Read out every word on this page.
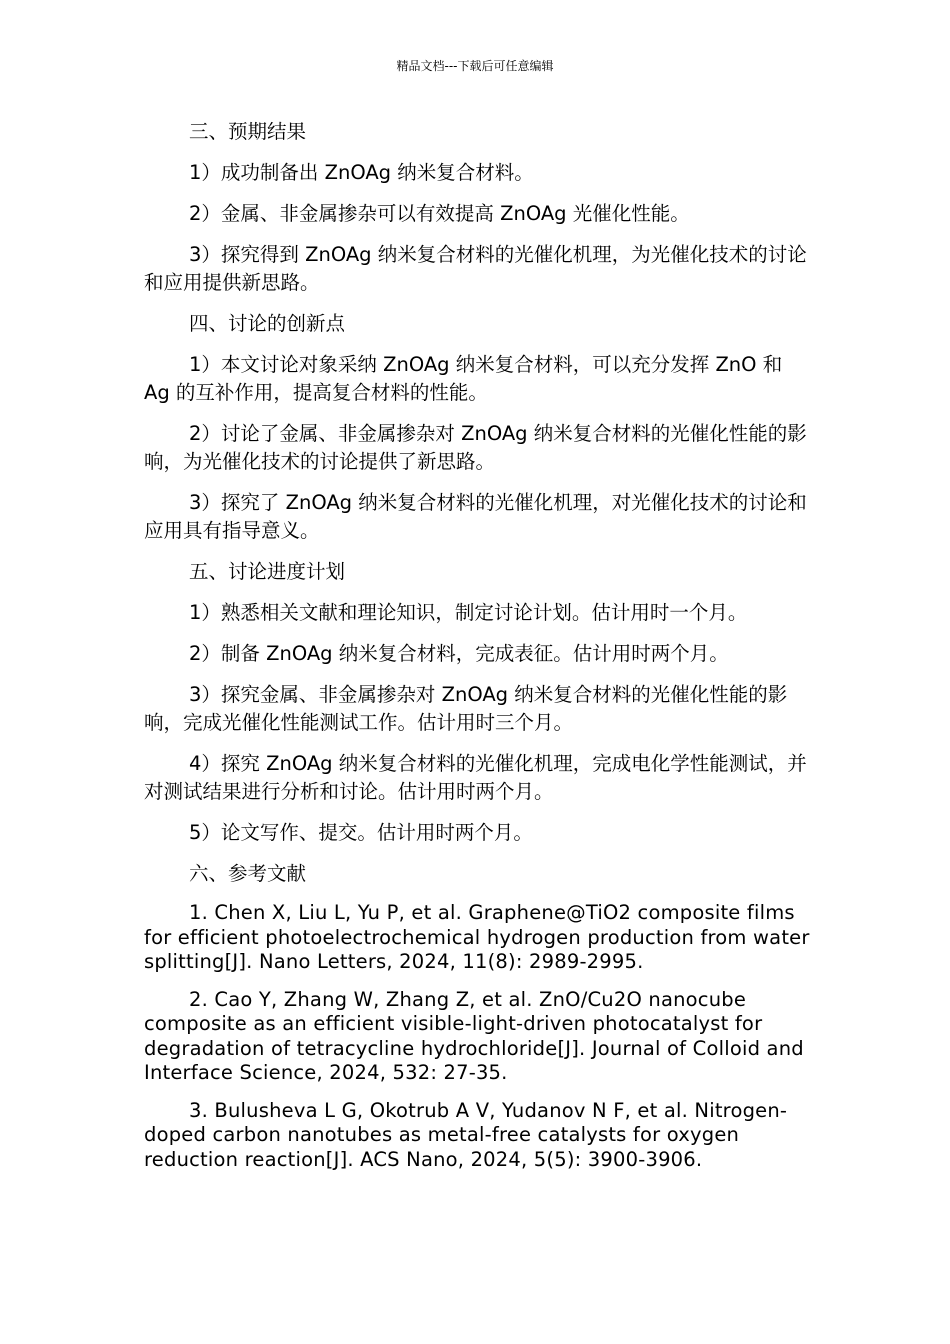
精品文档---下载后可任意编辑

三、预期结果

1）成功制备出 ZnOAg 纳米复合材料。

2）金属、非金属掺杂可以有效提高 ZnOAg 光催化性能。

3）探究得到 ZnOAg 纳米复合材料的光催化机理，为光催化技术的讨论和应用提供新思路。

四、讨论的创新点

1）本文讨论对象采纳 ZnOAg 纳米复合材料，可以充分发挥 ZnO 和 Ag 的互补作用，提高复合材料的性能。

2）讨论了金属、非金属掺杂对 ZnOAg 纳米复合材料的光催化性能的影响，为光催化技术的讨论提供了新思路。

3）探究了 ZnOAg 纳米复合材料的光催化机理，对光催化技术的讨论和应用具有指导意义。

五、讨论进度计划

1）熟悉相关文献和理论知识，制定讨论计划。估计用时一个月。

2）制备 ZnOAg 纳米复合材料，完成表征。估计用时两个月。

3）探究金属、非金属掺杂对 ZnOAg 纳米复合材料的光催化性能的影响，完成光催化性能测试工作。估计用时三个月。

4）探究 ZnOAg 纳米复合材料的光催化机理，完成电化学性能测试，并对测试结果进行分析和讨论。估计用时两个月。

5）论文写作、提交。估计用时两个月。

六、参考文献

1. Chen X, Liu L, Yu P, et al. Graphene@TiO2 composite films for efficient photoelectrochemical hydrogen production from water splitting[J]. Nano Letters, 2024, 11(8): 2989-2995.

2. Cao Y, Zhang W, Zhang Z, et al. ZnO/Cu2O nanocube composite as an efficient visible-light-driven photocatalyst for degradation of tetracycline hydrochloride[J]. Journal of Colloid and Interface Science, 2024, 532: 27-35.

3. Bulusheva L G, Okotrub A V, Yudanov N F, et al. Nitrogen-doped carbon nanotubes as metal-free catalysts for oxygen reduction reaction[J]. ACS Nano, 2024, 5(5): 3900-3906.
